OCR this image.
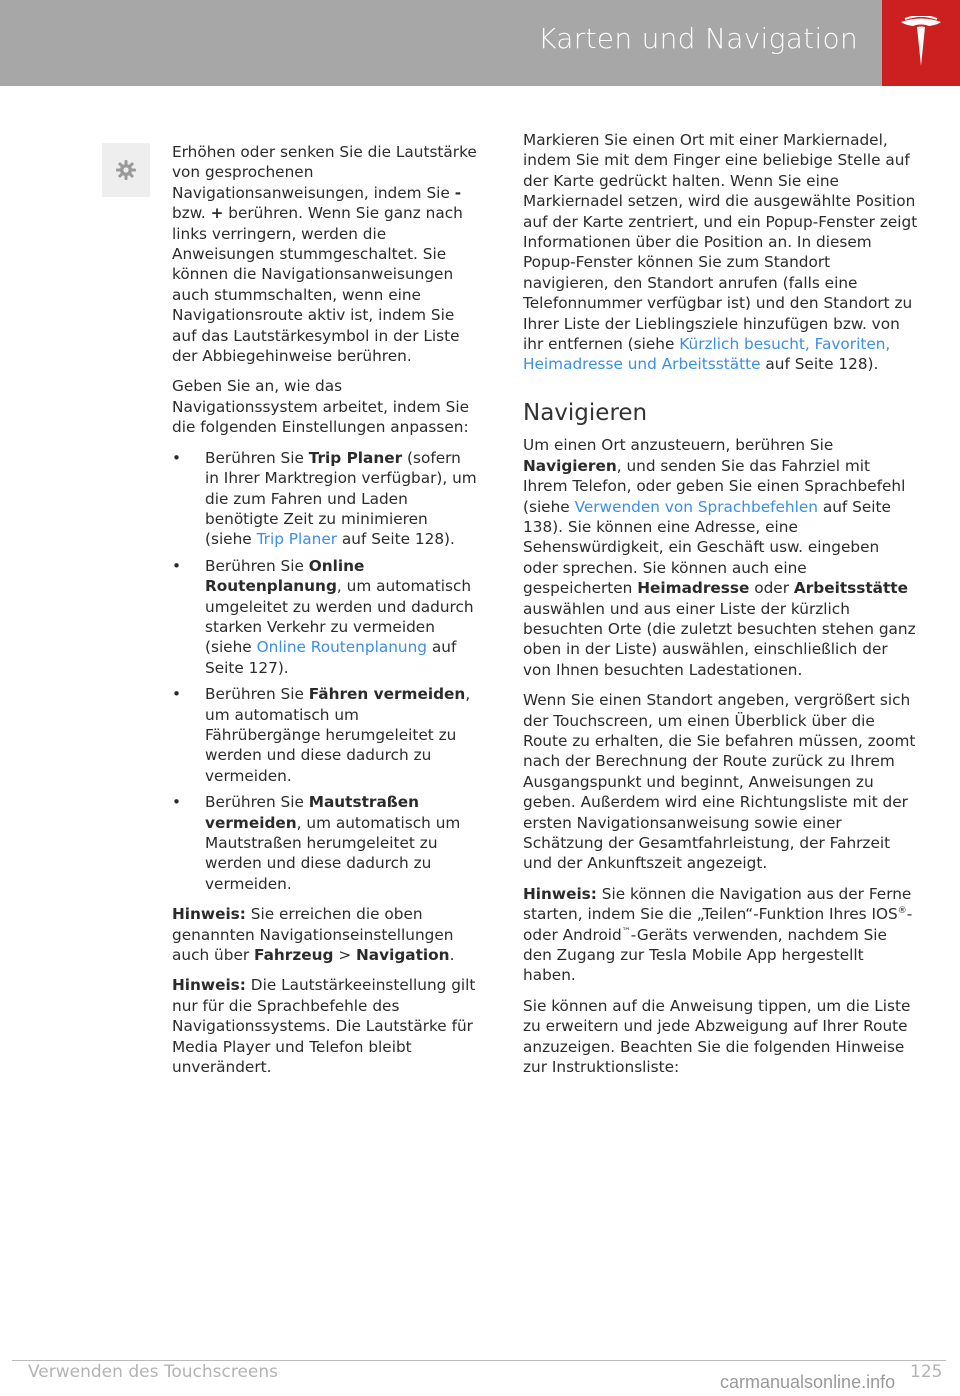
Karten und Navigation

Erhöhen oder senken Sie die Lautstärke von gesprochenen Navigationsanweisungen, indem Sie - bzw. + berühren. Wenn Sie ganz nach links verringern, werden die Anweisungen stummgeschaltet. Sie können die Navigationsanweisungen auch stummschalten, wenn eine Navigationsroute aktiv ist, indem Sie auf das Lautstärkesymbol in der Liste der Abbiegehinweise berühren.

Geben Sie an, wie das Navigationssystem arbeitet, indem Sie die folgenden Einstellungen anpassen:

• Berühren Sie Trip Planer (sofern in Ihrer Marktregion verfügbar), um die zum Fahren und Laden benötigte Zeit zu minimieren (siehe Trip Planer auf Seite 128).
• Berühren Sie Online Routenplanung, um automatisch umgeleitet zu werden und dadurch starken Verkehr zu vermeiden (siehe Online Routenplanung auf Seite 127).
• Berühren Sie Fähren vermeiden, um automatisch um Fährübergänge herumgeleitet zu werden und diese dadurch zu vermeiden.
• Berühren Sie Mautstraßen vermeiden, um automatisch um Mautstraßen herumgeleitet zu werden und diese dadurch zu vermeiden.

Hinweis: Sie erreichen die oben genannten Navigationseinstellungen auch über Fahrzeug > Navigation.

Hinweis: Die Lautstärkeeinstellung gilt nur für die Sprachbefehle des Navigationssystems. Die Lautstärke für Media Player und Telefon bleibt unverändert.

Markieren Sie einen Ort mit einer Markiernadel, indem Sie mit dem Finger eine beliebige Stelle auf der Karte gedrückt halten. Wenn Sie eine Markiernadel setzen, wird die ausgewählte Position auf der Karte zentriert, und ein Popup-Fenster zeigt Informationen über die Position an. In diesem Popup-Fenster können Sie zum Standort navigieren, den Standort anrufen (falls eine Telefonnummer verfügbar ist) und den Standort zu Ihrer Liste der Lieblingsziele hinzufügen bzw. von ihr entfernen (siehe Kürzlich besucht, Favoriten, Heimadresse und Arbeitsstätte auf Seite 128).

Navigieren

Um einen Ort anzusteuern, berühren Sie Navigieren, und senden Sie das Fahrziel mit Ihrem Telefon, oder geben Sie einen Sprachbefehl (siehe Verwenden von Sprachbefehlen auf Seite 138). Sie können eine Adresse, eine Sehenswürdigkeit, ein Geschäft usw. eingeben oder sprechen. Sie können auch eine gespeicherten Heimadresse oder Arbeitsstätte auswählen und aus einer Liste der kürzlich besuchten Orte (die zuletzt besuchten stehen ganz oben in der Liste) auswählen, einschließlich der von Ihnen besuchten Ladestationen.

Wenn Sie einen Standort angeben, vergrößert sich der Touchscreen, um einen Überblick über die Route zu erhalten, die Sie befahren müssen, zoomt nach der Berechnung der Route zurück zu Ihrem Ausgangspunkt und beginnt, Anweisungen zu geben. Außerdem wird eine Richtungsliste mit der ersten Navigationsanweisung sowie einer Schätzung der Gesamtfahrleistung, der Fahrzeit und der Ankunftszeit angezeigt.

Hinweis: Sie können die Navigation aus der Ferne starten, indem Sie die „Teilen“-Funktion Ihres IOS®- oder Android™-Geräts verwenden, nachdem Sie den Zugang zur Tesla Mobile App hergestellt haben.

Sie können auf die Anweisung tippen, um die Liste zu erweitern und jede Abzweigung auf Ihrer Route anzuzeigen. Beachten Sie die folgenden Hinweise zur Instruktionsliste:

Verwenden des Touchscreens	125
carmanualsonline.info
